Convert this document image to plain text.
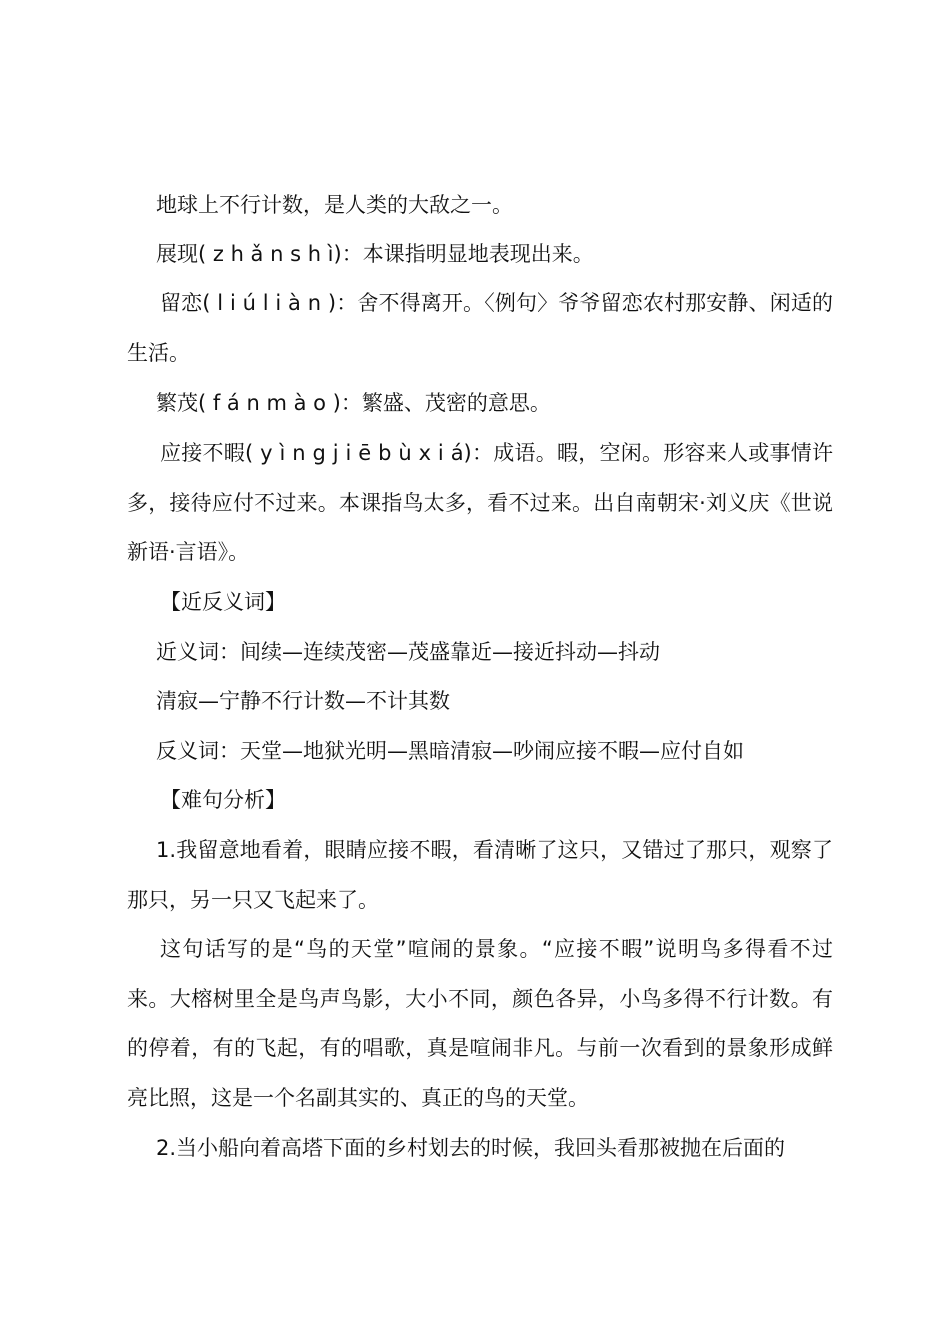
地球上不行计数，是人类的大敌之一。

展现( z h ǎ n s h ì)：本课指明显地表现出来。

留恋( l i ú l i à n )：舍不得离开。〈例句〉爷爷留恋农村那安静、闲适的生活。

繁茂( f á n m à o )：繁盛、茂密的意思。

应接不暇( y ì n g j i ē b ù x i á)：成语。暇，空闲。形容来人或事情许多，接待应付不过来。本课指鸟太多，看不过来。出自南朝宋·刘义庆《世说新语·言语》。

【近反义词】

近义词：间续—连续茂密—茂盛靠近—接近抖动—抖动

清寂—宁静不行计数—不计其数

反义词：天堂—地狱光明—黑暗清寂—吵闹应接不暇—应付自如

【难句分析】

1.我留意地看着，眼睛应接不暇，看清晰了这只，又错过了那只，观察了那只，另一只又飞起来了。

这句话写的是“鸟的天堂”喧闹的景象。“应接不暇”说明鸟多得看不过来。大榕树里全是鸟声鸟影，大小不同，颜色各异，小鸟多得不行计数。有的停着，有的飞起，有的唱歌，真是喧闹非凡。与前一次看到的景象形成鲜亮比照，这是一个名副其实的、真正的鸟的天堂。

2.当小船向着高塔下面的乡村划去的时候，我回头看那被抛在后面的
